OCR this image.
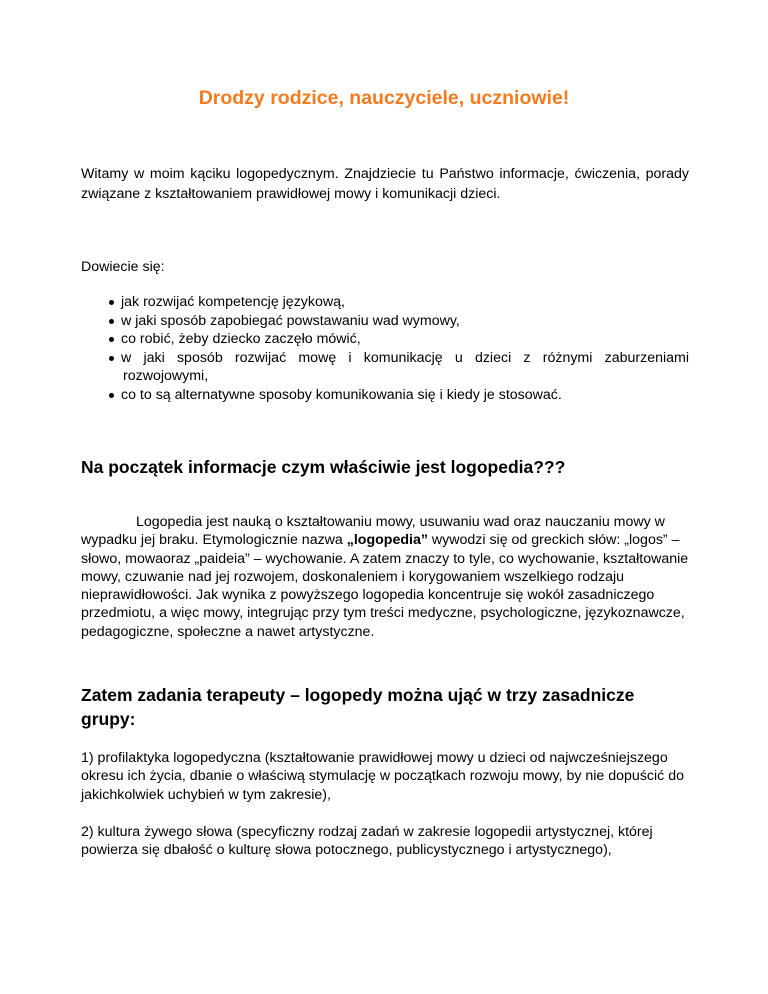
Drodzy rodzice, nauczyciele, uczniowie!

Witamy w moim kąciku logopedycznym. Znajdziecie tu Państwo informacje, ćwiczenia, porady związane z kształtowaniem prawidłowej mowy i komunikacji dzieci.

Dowiecie się:

jak rozwijać kompetencję językową,
w jaki sposób zapobiegać powstawaniu wad wymowy,
co robić, żeby dziecko zaczęło mówić,
w jaki sposób rozwijać mowę i komunikację u dzieci z różnymi zaburzeniami
rozwojowymi,
co to są alternatywne sposoby komunikowania się i kiedy je stosować.
Na początek informacje czym właściwie jest logopedia???

Logopedia jest nauką o kształtowaniu mowy, usuwaniu wad oraz nauczaniu mowy w wypadku jej braku. Etymologicznie nazwa „logopedia” wywodzi się od greckich słów: „logos” – słowo, mowaoraz „paideia” – wychowanie. A zatem znaczy to tyle, co wychowanie, kształtowanie mowy, czuwanie nad jej rozwojem, doskonaleniem i korygowaniem wszelkiego rodzaju nieprawidłowości. Jak wynika z powyższego logopedia koncentruje się wokół zasadniczego przedmiotu, a więc mowy, integrując przy tym treści medyczne, psychologiczne, językoznawcze, pedagogiczne, społeczne a nawet artystyczne.

Zatem zadania terapeuty – logopedy można ująć w trzy zasadnicze grupy:

1) profilaktyka logopedyczna (kształtowanie prawidłowej mowy u dzieci od najwcześniejszego okresu ich życia, dbanie o właściwą stymulację w początkach rozwoju mowy, by nie dopuścić do jakichkolwiek uchybień w tym zakresie),

2) kultura żywego słowa (specyficzny rodzaj zadań w zakresie logopedii artystycznej, której powierza się dbałość o kulturę słowa potocznego, publicystycznego i artystycznego),
